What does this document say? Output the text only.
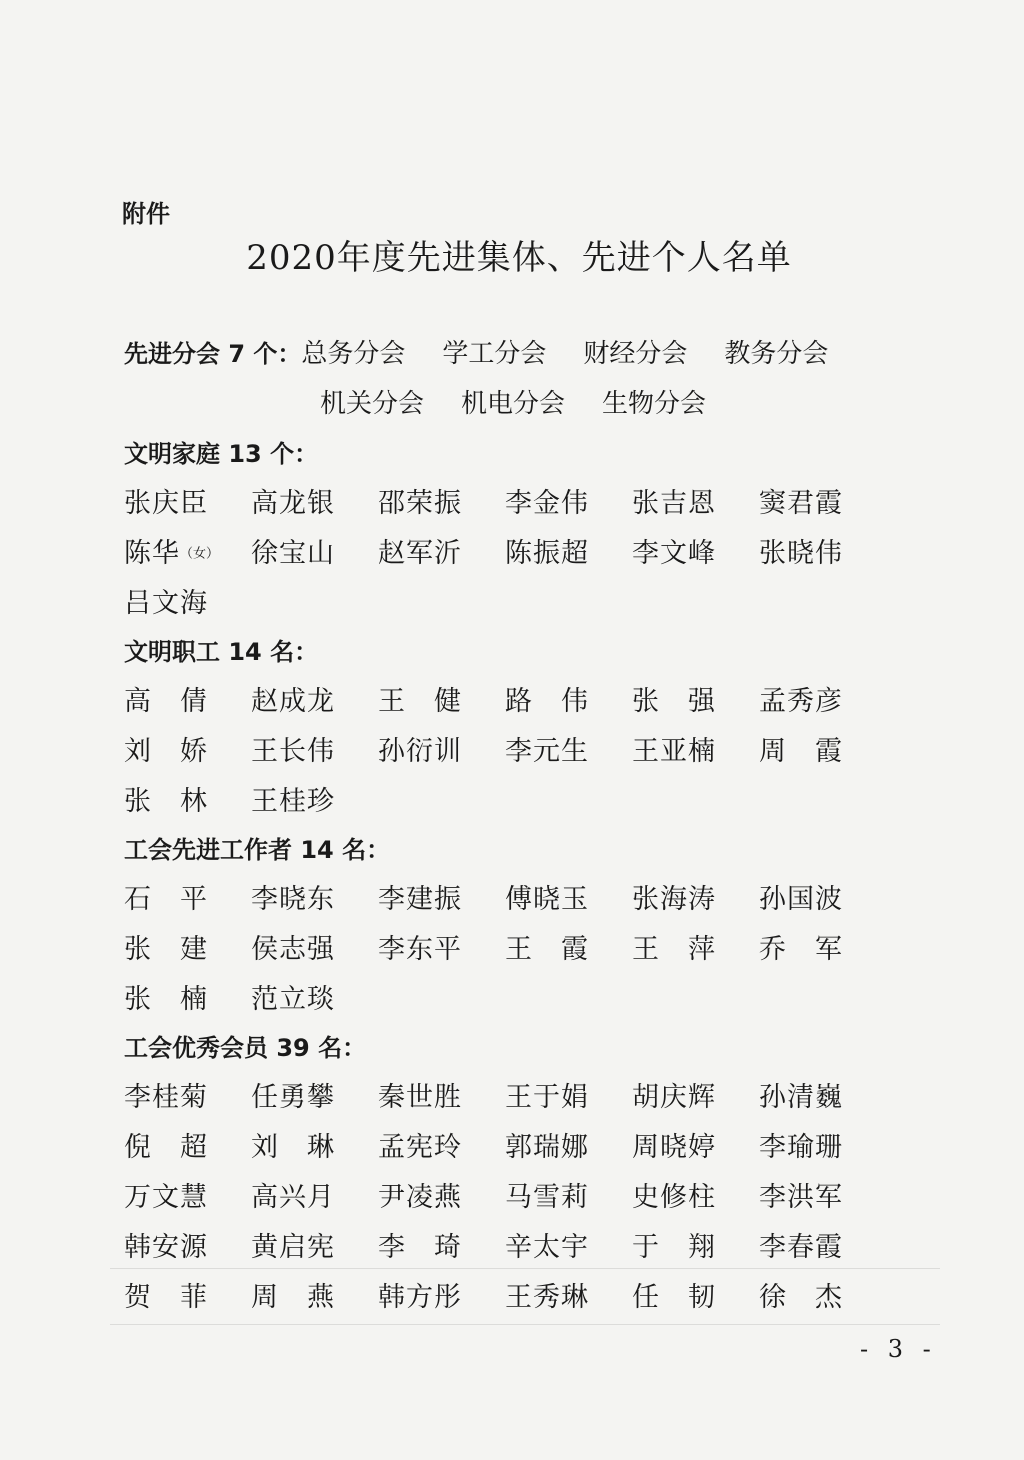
附件
2020年度先进集体、先进个人名单
先进分会 7 个：总务分会 学工分会 财经分会 教务分会
机关分会 机电分会 生物分会
文明家庭 13 个：
张庆臣 高龙银 邵荣振 李金伟 张吉恩 窦君霞
陈华（女） 徐宝山 赵军沂 陈振超 李文峰 张晓伟
吕文海
文明职工 14 名：
高　倩 赵成龙 王　健 路　伟 张　强 孟秀彦
刘　娇 王长伟 孙衍训 李元生 王亚楠 周　霞
张　林 王桂珍
工会先进工作者 14 名：
石　平 李晓东 李建振 傅晓玉 张海涛 孙国波
张　建 侯志强 李东平 王　霞 王　萍 乔　军
张　楠 范立琰
工会优秀会员 39 名：
李桂菊 任勇攀 秦世胜 王于娟 胡庆辉 孙清巍
倪　超 刘　琳 孟宪玲 郭瑞娜 周晓婷 李瑜珊
万文慧 高兴月 尹凌燕 马雪莉 史修柱 李洪军
韩安源 黄启宪 李　琦 辛太宇 于　翔 李春霞
贺　菲 周　燕 韩方彤 王秀琳 任　韧 徐　杰
- 3 -
